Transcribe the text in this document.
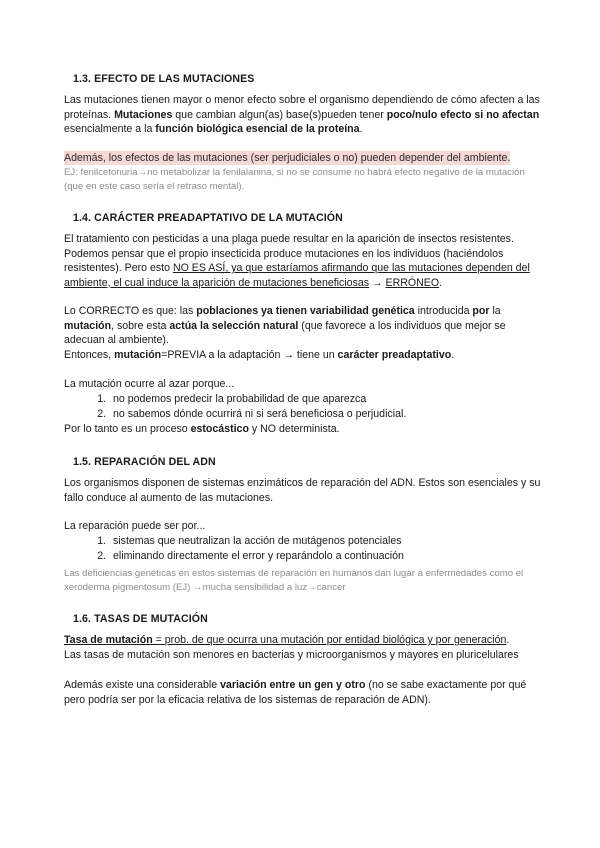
1.3. EFECTO DE LAS MUTACIONES

Las mutaciones tienen mayor o menor efecto sobre el organismo dependiendo de cómo afecten a las proteínas. Mutaciones que cambian algun(as) base(s)pueden tener poco/nulo efecto si no afectan esencialmente a la función biológica esencial de la proteína.

Además, los efectos de las mutaciones (ser perjudiciales o no) pueden depender del ambiente.

EJ: fenilcetonuria→no metabolizar la fenilalanina, si no se consume no habrá efecto negativo de la mutación (que en este caso sería el retraso mental).

1.4. CARÁCTER PREADAPTATIVO DE LA MUTACIÓN

El tratamiento con pesticidas a una plaga puede resultar en la aparición de insectos resistentes. Podemos pensar que el propio insecticida produce mutaciones en los individuos (haciéndolos resistentes). Pero esto NO ES ASÍ, ya que estaríamos afirmando que las mutaciones dependen del ambiente, el cual induce la aparición de mutaciones beneficiosas → ERRÓNEO.

Lo CORRECTO es que: las poblaciones ya tienen variabilidad genética introducida por la mutación, sobre esta actúa la selección natural (que favorece a los individuos que mejor se adecuan al ambiente).

Entonces, mutación=PREVIA a la adaptación → tiene un carácter preadaptativo.

La mutación ocurre al azar porque...

1. no podemos predecir la probabilidad de que aparezca
2. no sabemos dónde ocurrirá ni si será beneficiosa o perjudicial.

Por lo tanto es un proceso estocástico y NO determinista.

1.5. REPARACIÓN DEL ADN

Los organismos disponen de sistemas enzimáticos de reparación del ADN. Estos son esenciales y su fallo conduce al aumento de las mutaciones.

La reparación puede ser por...

1. sistemas que neutralizan la acción de mutágenos potenciales
2. eliminando directamente el error y reparándolo a continuación

Las deficiencias genéticas en estos sistemas de reparación en humanos dan lugar a enfermedades como el xeroderma pigmentosum (EJ) →mucha sensibilidad a luz→cancer

1.6. TASAS DE MUTACIÓN

Tasa de mutación = prob. de que ocurra una mutación por entidad biológica y por generación.

Las tasas de mutación son menores en bacterias y microorganismos y mayores en pluricelulares

Además existe una considerable variación entre un gen y otro (no se sabe exactamente por qué pero podría ser por la eficacia relativa de los sistemas de reparación de ADN).
